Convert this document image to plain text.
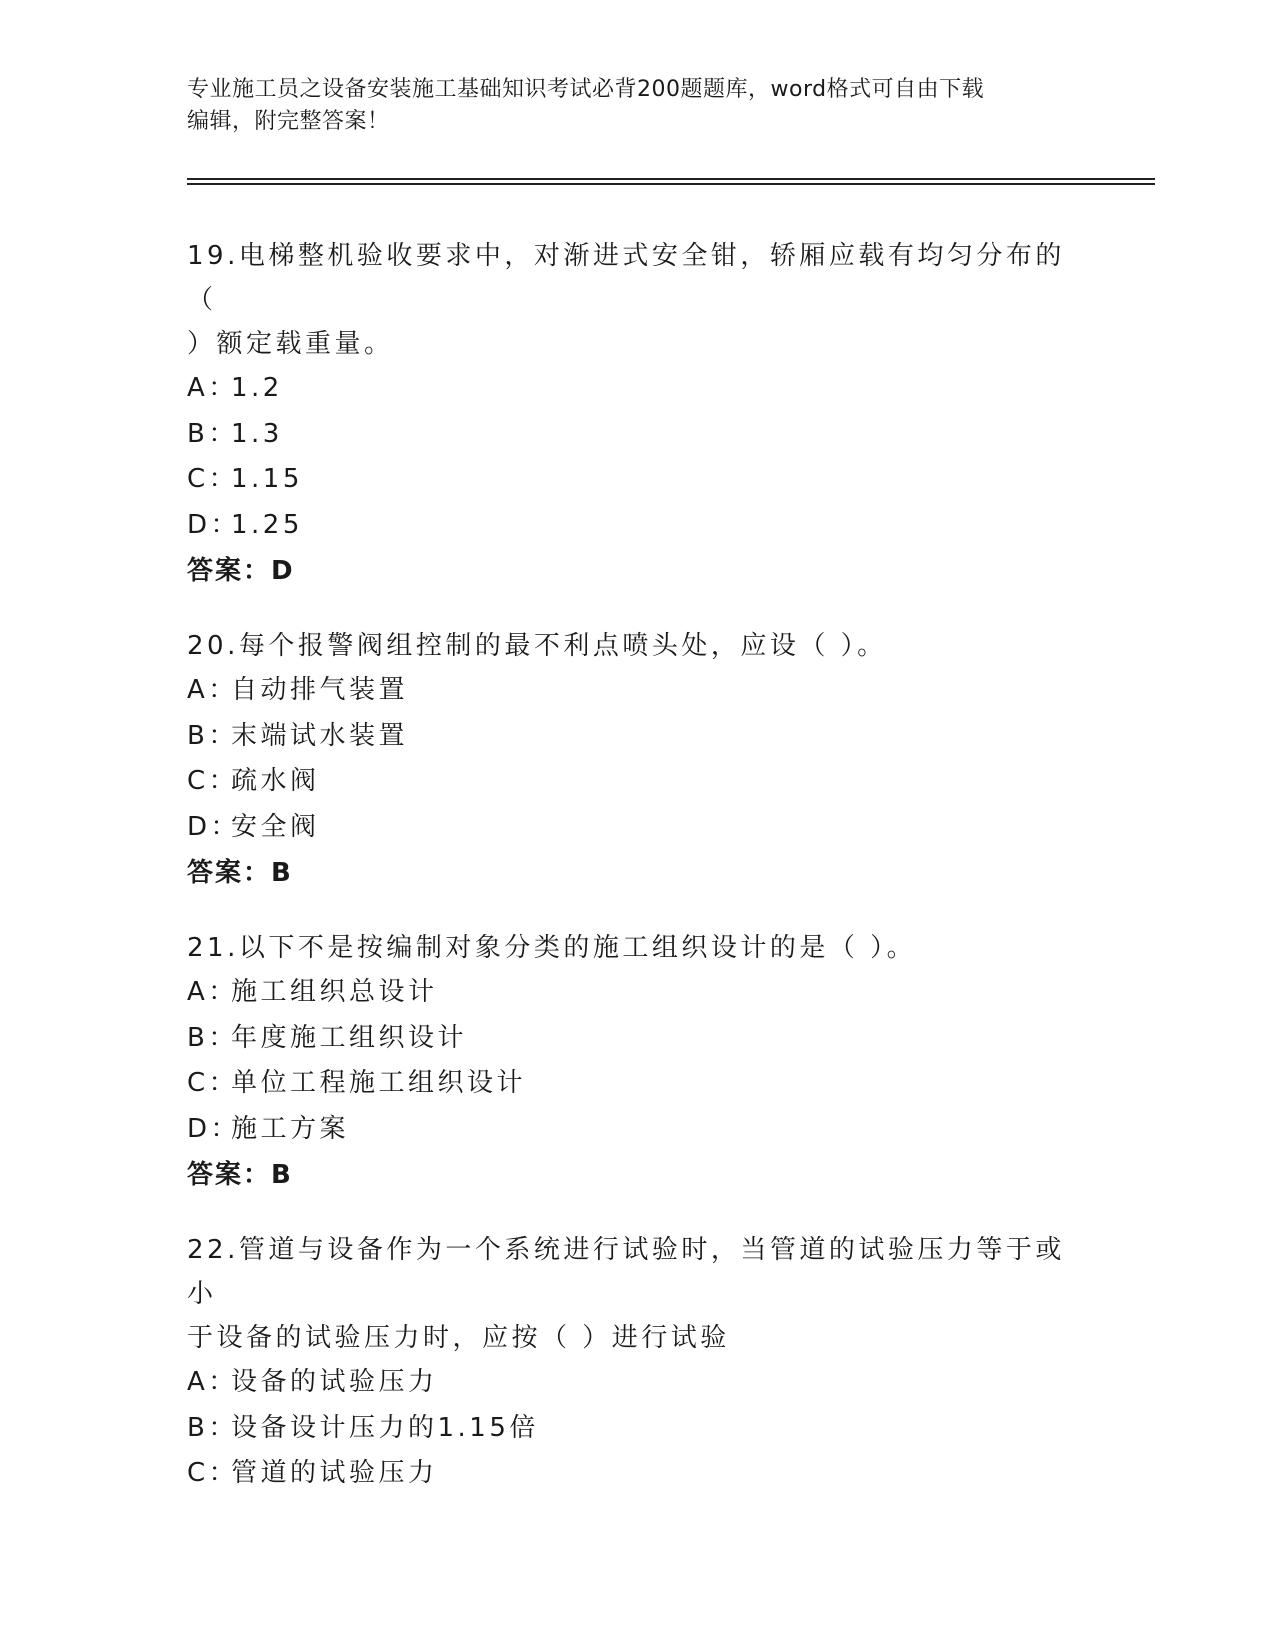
专业施工员之设备安装施工基础知识考试必背200题题库，word格式可自由下载
编辑，附完整答案！
19.电梯整机验收要求中，对渐进式安全钳，轿厢应载有均匀分布的（
）额定载重量。
A：1.2
B：1.3
C：1.15
D：1.25
答案：D
20.每个报警阀组控制的最不利点喷头处，应设（ ）。
A：自动排气装置
B：末端试水装置
C：疏水阀
D：安全阀
答案：B
21.以下不是按编制对象分类的施工组织设计的是（ ）。
A：施工组织总设计
B：年度施工组织设计
C：单位工程施工组织设计
D：施工方案
答案：B
22.管道与设备作为一个系统进行试验时，当管道的试验压力等于或小
于设备的试验压力时，应按（ ）进行试验
A：设备的试验压力
B：设备设计压力的1.15倍
C：管道的试验压力
